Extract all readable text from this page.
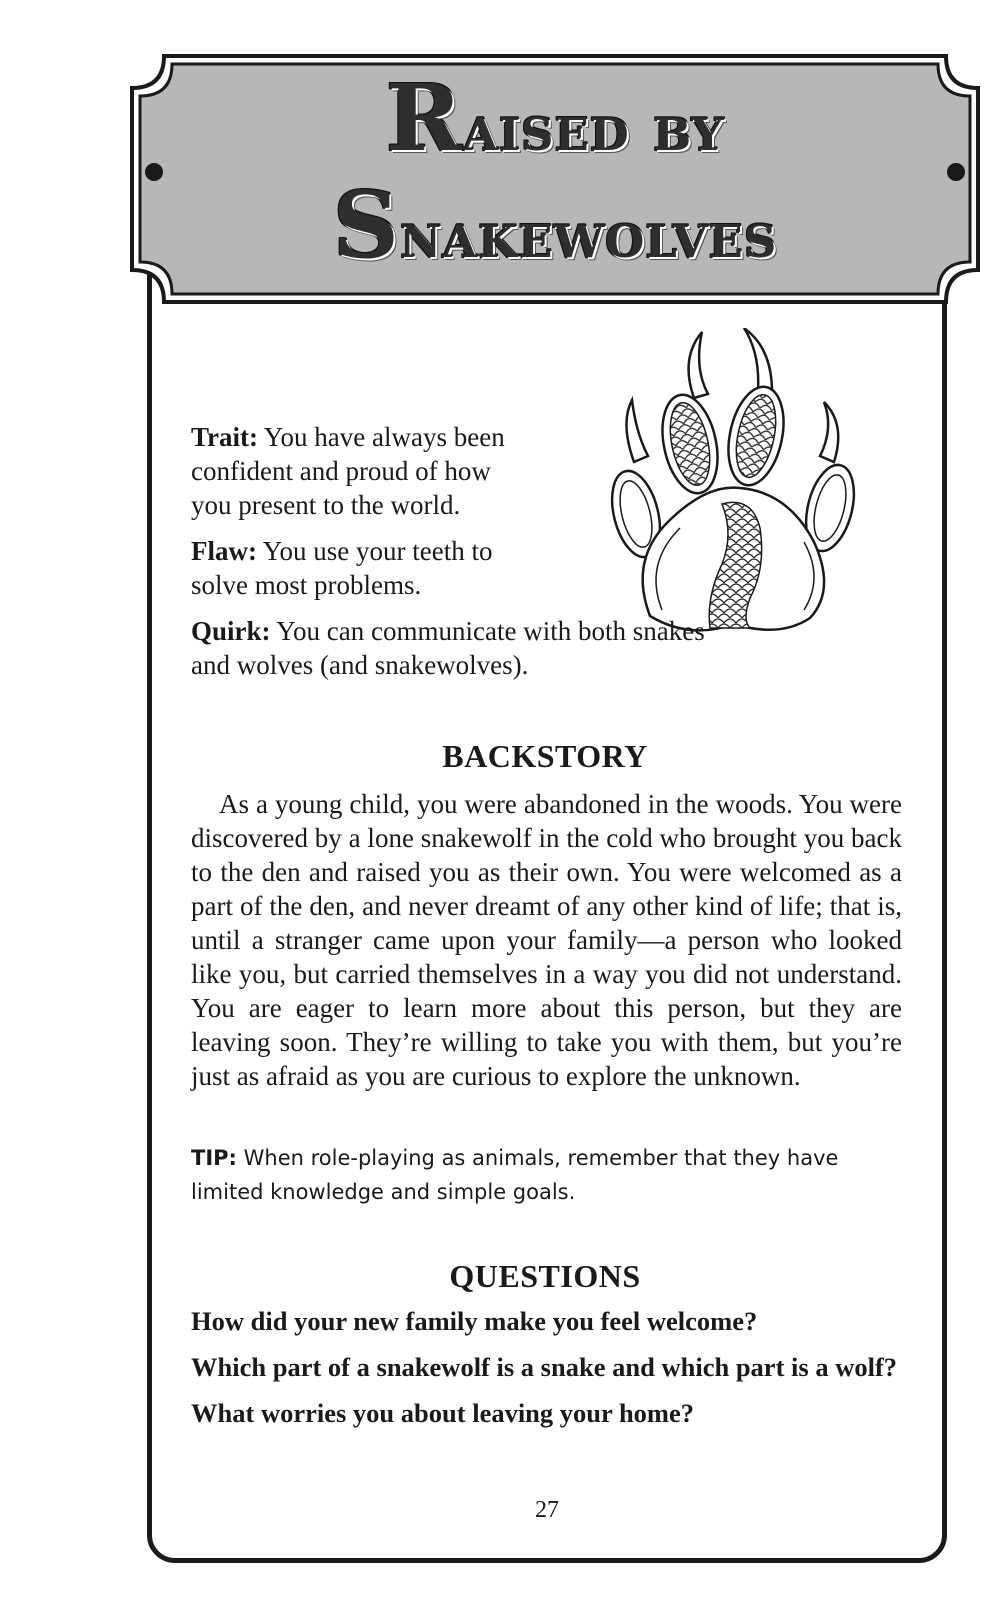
Raised by
Snakewolves

Trait: You have always been confident and proud of how you present to the world.

Flaw: You use your teeth to solve most problems.

Quirk: You can communicate with both snakes and wolves (and snakewolves).

BACKSTORY

As a young child, you were abandoned in the woods. You were discovered by a lone snakewolf in the cold who brought you back to the den and raised you as their own. You were welcomed as a part of the den, and never dreamt of any other kind of life; that is, until a stranger came upon your family—a person who looked like you, but carried themselves in a way you did not understand. You are eager to learn more about this person, but they are leaving soon. They’re willing to take you with them, but you’re just as afraid as you are curious to explore the unknown.

TIP: When role-playing as animals, remember that they have limited knowledge and simple goals.

QUESTIONS
How did your new family make you feel welcome?
Which part of a snakewolf is a snake and which part is a wolf?
What worries you about leaving your home?
27
